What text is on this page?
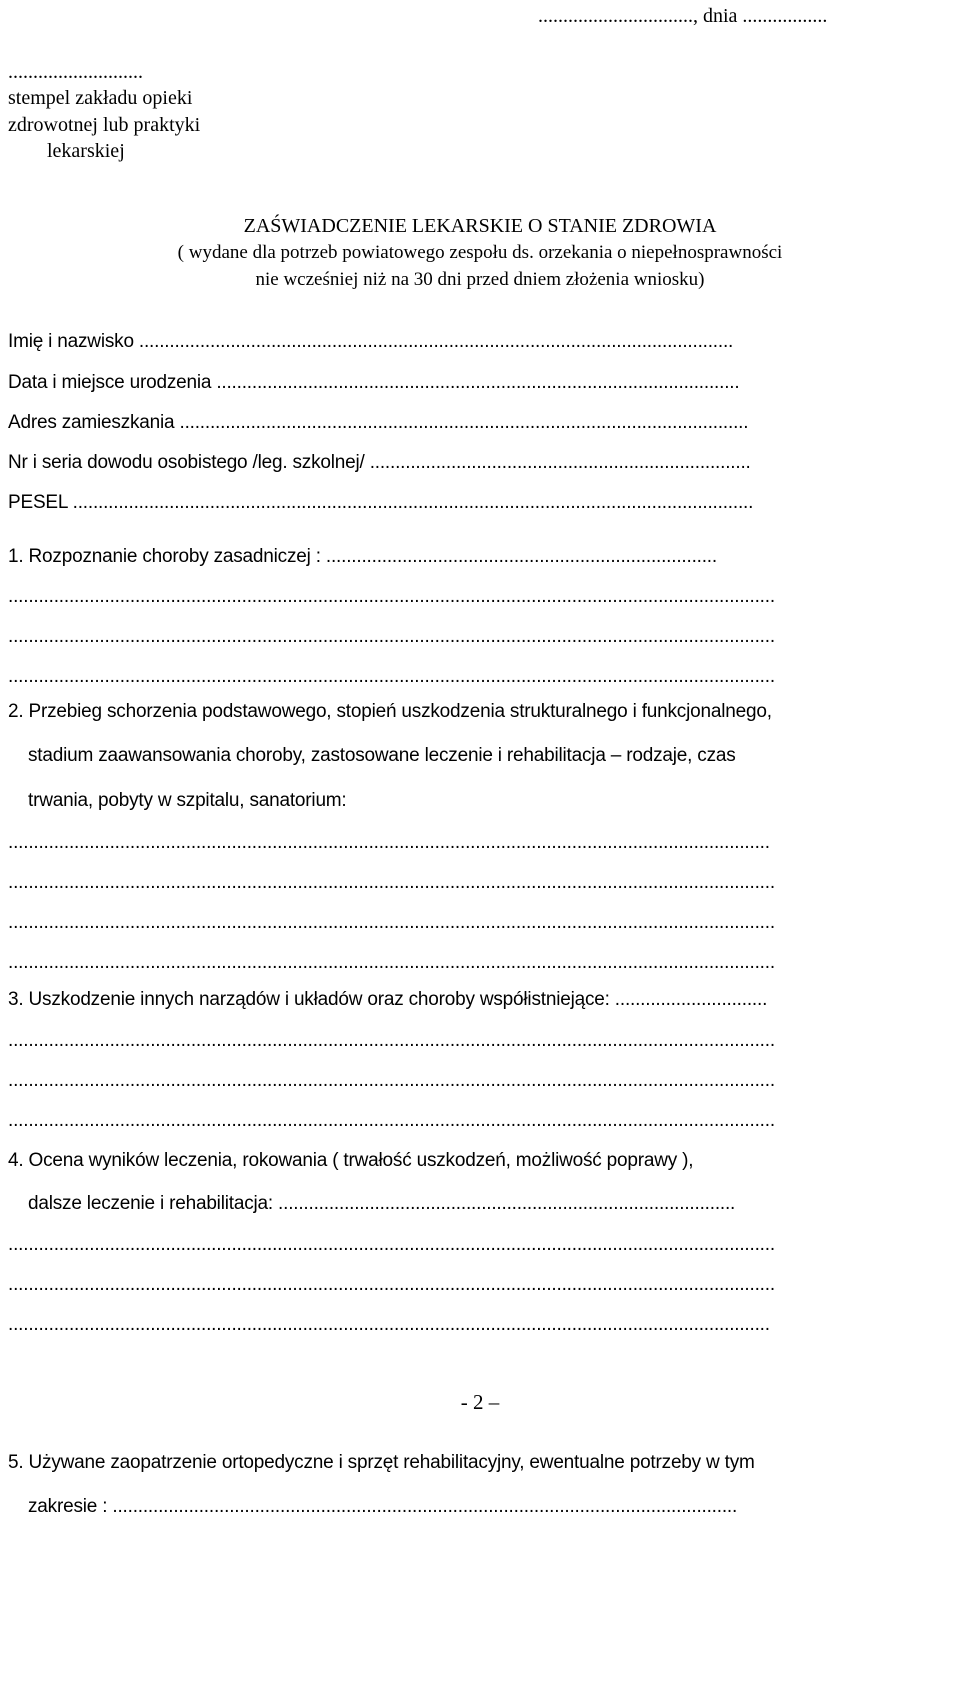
..............................., dnia .................
...........................
stempel zakładu opieki
zdrowotnej lub praktyki
lekarskiej
ZAŚWIADCZENIE LEKARSKIE O STANIE ZDROWIA
( wydane dla potrzeb powiatowego zespołu ds. orzekania o niepełnosprawności
nie wcześniej niż na 30 dni przed dniem złożenia wniosku)
Imię i nazwisko .....................................................................................................................
Data i miejsce urodzenia .......................................................................................................
Adres zamieszkania ................................................................................................................
Nr i seria dowodu osobistego /leg. szkolnej/ ...........................................................................
PESEL ......................................................................................................................................
1. Rozpoznanie choroby zasadniczej : .............................................................................
.......................................................................................................................................................
.......................................................................................................................................................
.......................................................................................................................................................
2. Przebieg schorzenia podstawowego, stopień uszkodzenia strukturalnego i funkcjonalnego,
stadium zaawansowania choroby, zastosowane leczenie i rehabilitacja – rodzaje, czas
trwania, pobyty w szpitalu, sanatorium:
......................................................................................................................................................
.......................................................................................................................................................
.......................................................................................................................................................
.......................................................................................................................................................
3. Uszkodzenie innych narządów i układów oraz choroby współistniejące: ..............................
.......................................................................................................................................................
.......................................................................................................................................................
.......................................................................................................................................................
4. Ocena wyników leczenia, rokowania ( trwałość uszkodzeń, możliwość poprawy ),
dalsze leczenie i rehabilitacja: ..........................................................................................
.......................................................................................................................................................
.......................................................................................................................................................
......................................................................................................................................................
- 2 –
5. Używane zaopatrzenie ortopedyczne i sprzęt rehabilitacyjny, ewentualne potrzeby w tym
zakresie : ...........................................................................................................................
